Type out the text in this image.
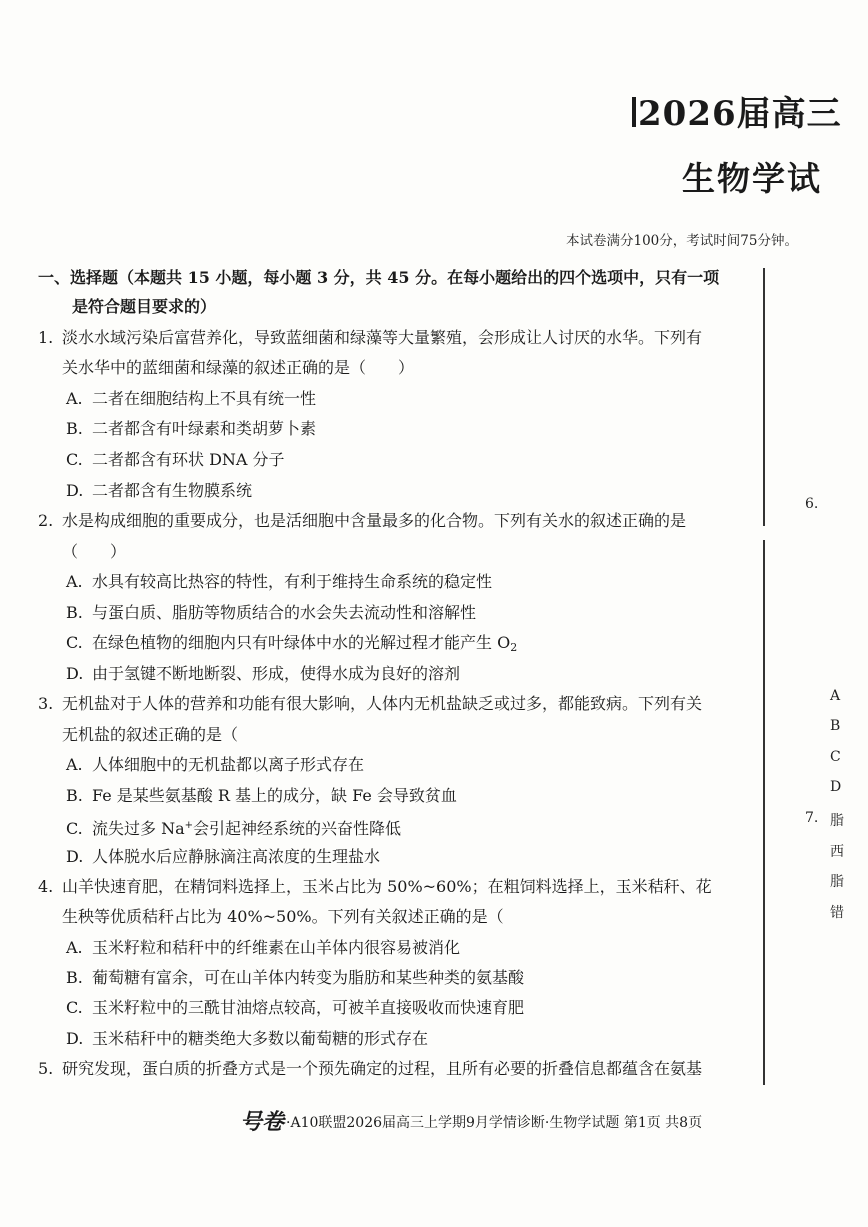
2026届高三
生物学试
本试卷满分100分，考试时间75分钟。
一、选择题（本题共 15 小题，每小题 3 分，共 45 分。在每小题给出的四个选项中，只有一项
是符合题目要求的）
1. 淡水水域污染后富营养化，导致蓝细菌和绿藻等大量繁殖，会形成让人讨厌的水华。下列有
关水华中的蓝细菌和绿藻的叙述正确的是（　　）
A. 二者在细胞结构上不具有统一性
B. 二者都含有叶绿素和类胡萝卜素
C. 二者都含有环状 DNA 分子
D. 二者都含有生物膜系统
2. 水是构成细胞的重要成分，也是活细胞中含量最多的化合物。下列有关水的叙述正确的是
（　　）
A. 水具有较高比热容的特性，有利于维持生命系统的稳定性
B. 与蛋白质、脂肪等物质结合的水会失去流动性和溶解性
C. 在绿色植物的细胞内只有叶绿体中水的光解过程才能产生 $O_2$
D. 由于氢键不断地断裂、形成，使得水成为良好的溶剂
3. 无机盐对于人体的营养和功能有很大影响，人体内无机盐缺乏或过多，都能致病。下列有关
无机盐的叙述正确的是（
A. 人体细胞中的无机盐都以离子形式存在
B. Fe 是某些氨基酸 R 基上的成分，缺 Fe 会导致贫血
C. 流失过多 Na+会引起神经系统的兴奋性降低
D. 人体脱水后应静脉滴注高浓度的生理盐水
4. 山羊快速育肥，在精饲料选择上，玉米占比为 50%~60%；在粗饲料选择上，玉米秸秆、花
生秧等优质秸秆占比为 40%~50%。下列有关叙述正确的是（
A. 玉米籽粒和秸秆中的纤维素在山羊体内很容易被消化
B. 葡萄糖有富余，可在山羊体内转变为脂肪和某些种类的氨基酸
C. 玉米籽粒中的三酰甘油熔点较高，可被羊直接吸收而快速育肥
D. 玉米秸秆中的糖类绝大多数以葡萄糖的形式存在
5. 研究发现，蛋白质的折叠方式是一个预先确定的过程，且所有必要的折叠信息都蕴含在氨基
6.
A
B
C
D
7. 脂
西
脂
错
号卷 ·A10联盟2026届高三上学期9月学情诊断·生物学试题 第1页 共8页
